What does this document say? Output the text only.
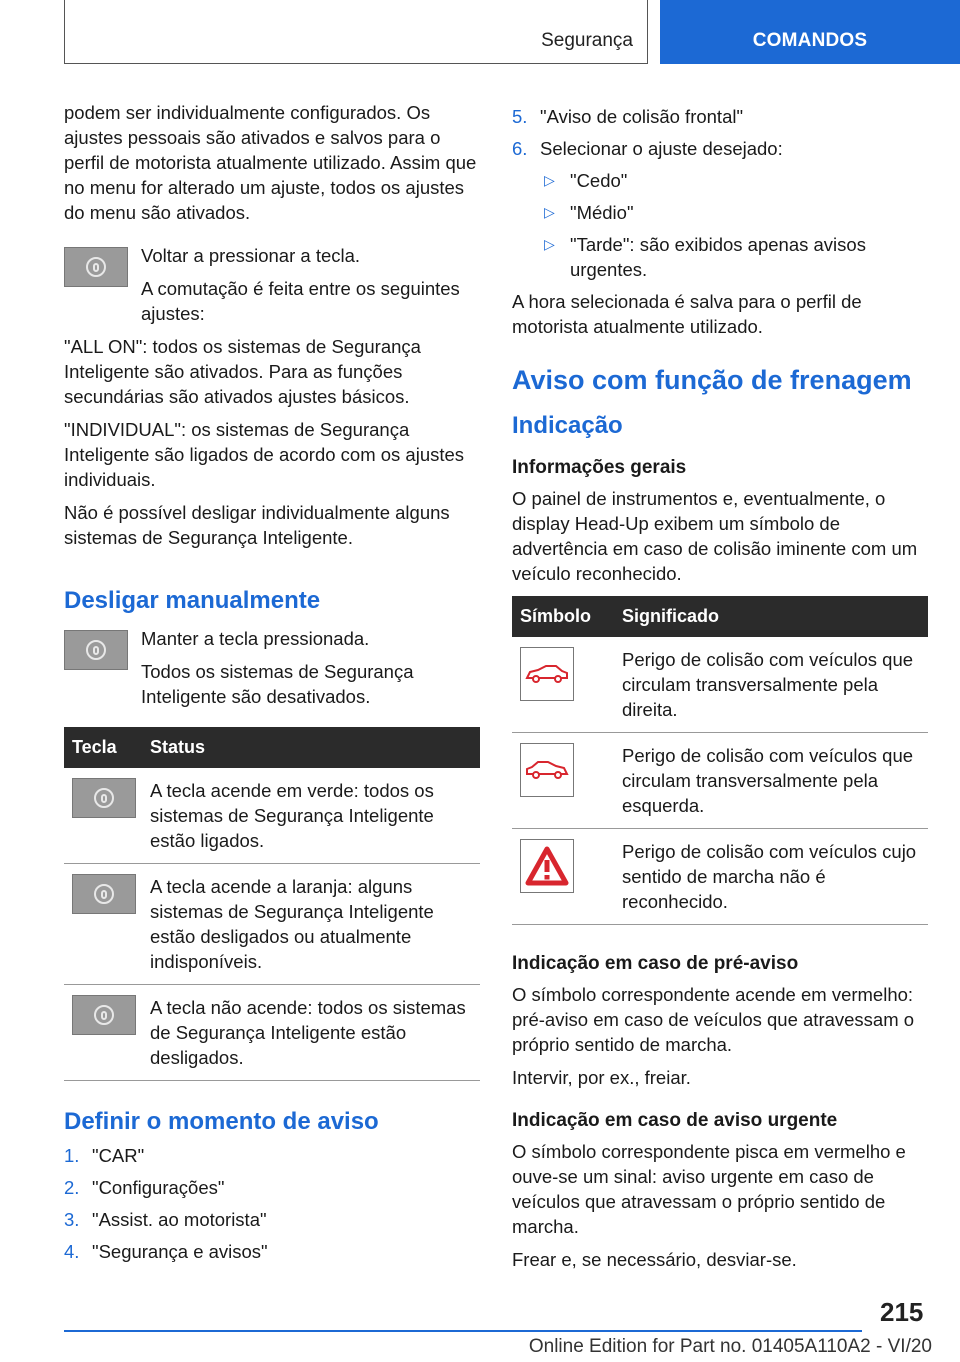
Segurança	COMANDOS

podem ser individualmente configurados. Os ajustes pessoais são ativados e salvos para o perfil de motorista atualmente utilizado. Assim que no menu for alterado um ajuste, todos os ajustes do menu são ativados.

Voltar a pressionar a tecla.

A comutação é feita entre os seguintes ajustes:

"ALL ON": todos os sistemas de Segurança Inteligente são ativados. Para as funções secundárias são ativados ajustes básicos.

"INDIVIDUAL": os sistemas de Segurança Inteligente são ligados de acordo com os ajustes individuais.

Não é possível desligar individualmente alguns sistemas de Segurança Inteligente.

Desligar manualmente

Manter a tecla pressionada.

Todos os sistemas de Segurança Inteligente são desativados.

Tecla	Status

	A tecla acende em verde: todos os sistemas de Segurança Inteligente estão ligados.

	A tecla acende a laranja: alguns sistemas de Segurança Inteligente estão desligados ou atualmente indisponíveis.

	A tecla não acende: todos os sistemas de Segurança Inteligente estão desligados.
Definir o momento de aviso
1. "CAR"
2. "Configurações"
3. "Assist. ao motorista"
4. "Segurança e avisos"
5. "Aviso de colisão frontal"
6. Selecionar o ajuste desejado:
▷ "Cedo"
▷ "Médio"
▷ "Tarde": são exibidos apenas avisos urgentes.

A hora selecionada é salva para o perfil de motorista atualmente utilizado.

Aviso com função de frenagem
Indicação
Informações gerais

O painel de instrumentos e, eventualmente, o display Head-Up exibem um símbolo de advertência em caso de colisão iminente com um veículo reconhecido.

Símbolo	Significado

	Perigo de colisão com veículos que circulam transversalmente pela direita.

	Perigo de colisão com veículos que circulam transversalmente pela esquerda.

	Perigo de colisão com veículos cujo sentido de marcha não é reconhecido.
Indicação em caso de pré-aviso

O símbolo correspondente acende em vermelho: pré-aviso em caso de veículos que atravessam o próprio sentido de marcha.

Intervir, por ex., freiar.

Indicação em caso de aviso urgente

O símbolo correspondente pisca em vermelho e ouve-se um sinal: aviso urgente em caso de veículos que atravessam o próprio sentido de marcha.

Frear e, se necessário, desviar-se.

215
Online Edition for Part no. 01405A110A2 - VI/20
